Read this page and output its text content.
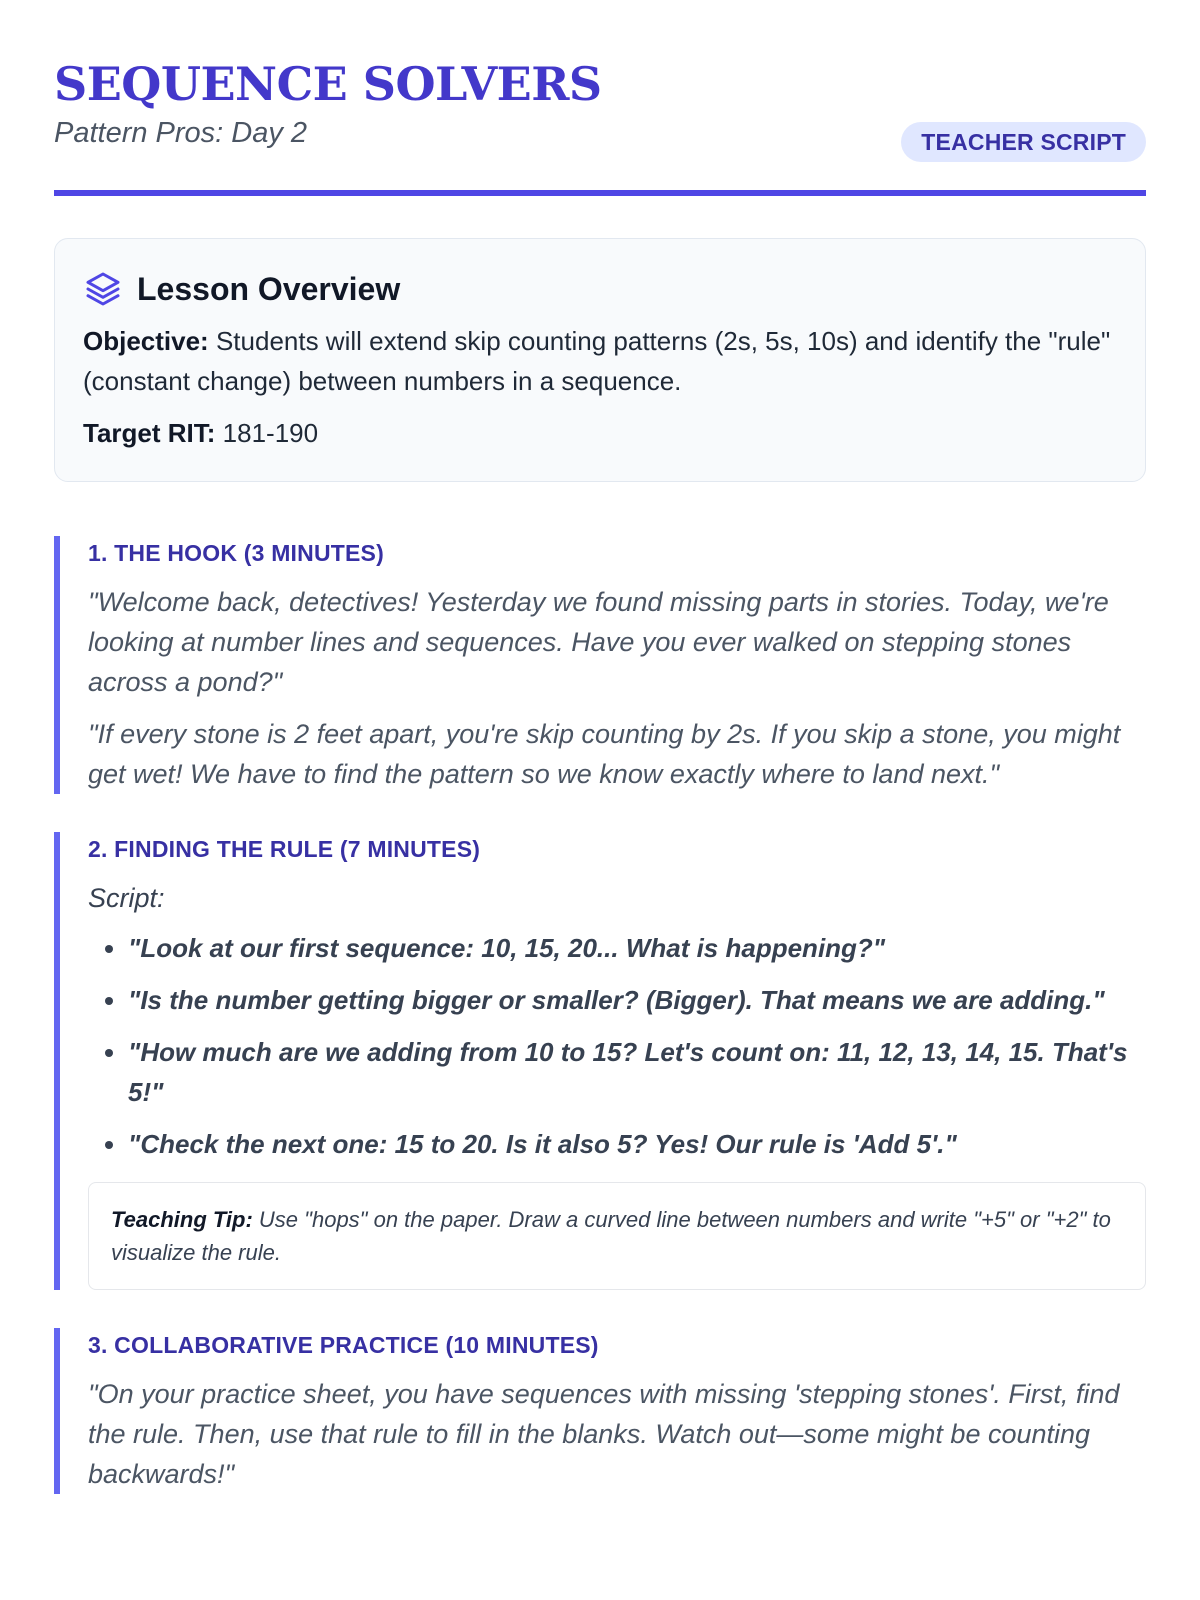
SEQUENCE SOLVERS
Pattern Pros: Day 2	TEACHER SCRIPT
Lesson Overview

Objective: Students will extend skip counting patterns (2s, 5s, 10s) and identify the "rule" (constant change) between numbers in a sequence.

Target RIT: 181-190

1. THE HOOK (3 MINUTES)

"Welcome back, detectives! Yesterday we found missing parts in stories. Today, we're looking at number lines and sequences. Have you ever walked on stepping stones across a pond?"

"If every stone is 2 feet apart, you're skip counting by 2s. If you skip a stone, you might get wet! We have to find the pattern so we know exactly where to land next."

2. FINDING THE RULE (7 MINUTES)

Script:

• "Look at our first sequence: 10, 15, 20... What is happening?"
• "Is the number getting bigger or smaller? (Bigger). That means we are adding."
• "How much are we adding from 10 to 15? Let's count on: 11, 12, 13, 14, 15. That's 5!"
• "Check the next one: 15 to 20. Is it also 5? Yes! Our rule is 'Add 5'."
Teaching Tip: Use "hops" on the paper. Draw a curved line between numbers and write "+5" or "+2" to visualize the rule.
3. COLLABORATIVE PRACTICE (10 MINUTES)

"On your practice sheet, you have sequences with missing 'stepping stones'. First, find the rule. Then, use that rule to fill in the blanks. Watch out—some might be counting backwards!"
